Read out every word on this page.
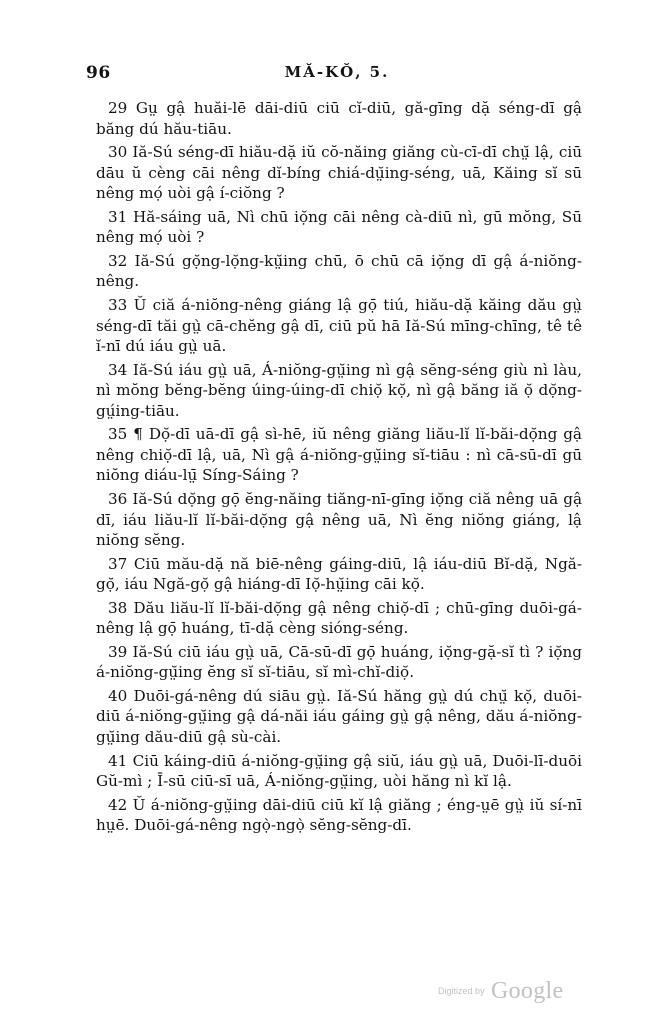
96	MĂ-KŎ, 5.

29 Gṳ gậ huăi-lē dāi-diū ciū cĭ-diū, gă-gīng dặ séng-dī gậ băng dú hău-tiāu.

30 Iă-Sú séng-dī hiău-dặ iŭ cŏ-năing giăng cù-cī-dī chṳ̆ lậ, ciū dāu ŭ cèng cāi nêng dĭ-bíng chiá-dṳ̆ing-séng, uā, Kăing sĭ sū nêng mọ́ uòi gậ í-ciŏng ?

31 Hă-sáing uā, Nì chū iọ̆ng cāi nêng cà-diū nì, gū mŏng, Sū nêng mọ́ uòi ?

32 Iă-Sú gọ̆ng-lọ̆ng-kṳ̆ing chū, ō chū cā iọ̆ng dī gậ á-niŏng-nêng.

33 Ŭ ciă á-niŏng-nêng giáng lậ gọ̄ tiú, hiău-dặ kăing dău gṳ̀ séng-dī tăi gṳ̀ cā-chĕng gậ dī, ciū pŭ hā Iă-Sú mīng-chīng, tê tê ĭ-nī dú iáu gṳ̀ uā.

34 Iă-Sú iáu gṳ̀ uā, Á-niŏng-gṳ̆ing nì gậ sĕng-séng giù nì làu, nì mŏng bĕng-bĕng úing-úing-dī chiọ̆ kọ̆, nì gậ băng iă ọ̆ dọ̆ng-gṳ́ing-tiāu.

35 ¶ Dọ̆-dī uā-dī gậ sì-hē, iŭ nêng giăng liău-lĭ lĭ-băi-dọ̆ng gậ nêng chiọ̆-dī lậ, uā, Nì gậ á-niŏng-gṳ̆ing sĭ-tiāu : nì cā-sū-dī gū niŏng diáu-lṳ̄ Síng-Sáing ?

36 Iă-Sú dọ̆ng gọ̄ ĕng-năing tiăng-nī-gīng iọ̆ng ciă nêng uā gậ dī, iáu liău-lĭ lĭ-băi-dọ̆ng gậ nêng uā, Nì ĕng niŏng giáng, lậ niŏng sĕng.

37 Ciū mău-dặ nă biē-nêng gáing-diū, lậ iáu-diū Bĭ-dặ, Ngă-gọ̆, iáu Ngă-gọ̆ gậ hiáng-dī Iọ̆-hṳ̆ing cāi kọ̆.

38 Dău liău-lĭ lĭ-băi-dọ̆ng gậ nêng chiọ̆-dī ; chū-gīng duōi-gá-nêng lậ gọ̄ huáng, tī-dặ cèng sióng-séng.

39 Iă-Sú ciū iáu gṳ̀ uā, Cā-sū-dī gọ̄ huáng, iọ̆ng-gặ-sĭ tì ? iọ̆ng á-niŏng-gṳ̆ing ĕng sĭ sĭ-tiāu, sĭ mì-chĭ-diọ̆.

40 Duōi-gá-nêng dú siāu gṳ̀. Iă-Sú hăng gṳ̀ dú chṳ̆ kọ̆, duōi-diū á-niŏng-gṳ̆ing gậ dá-năi iáu gáing gṳ̀ gậ nêng, dău á-niŏng-gṳ̆ing dău-diū gậ sù-cài.

41 Ciū káing-diū á-niŏng-gṳ̆ing gậ siŭ, iáu gṳ̀ uā, Duōi-lī-duōi Gŭ-mì ; Ī-sū ciū-sī uā, Á-niŏng-gṳ̆ing, uòi hăng nì kĭ lậ.

42 Ŭ á-niŏng-gṳ̆ing dāi-diū ciū kĭ lậ giăng ; éng-ṳē gṳ̀ iŭ sí-nī hṳē. Duōi-gá-nêng ngọ̀-ngọ̀ sĕng-sĕng-dī.

$^{Digitized by}$ Google
